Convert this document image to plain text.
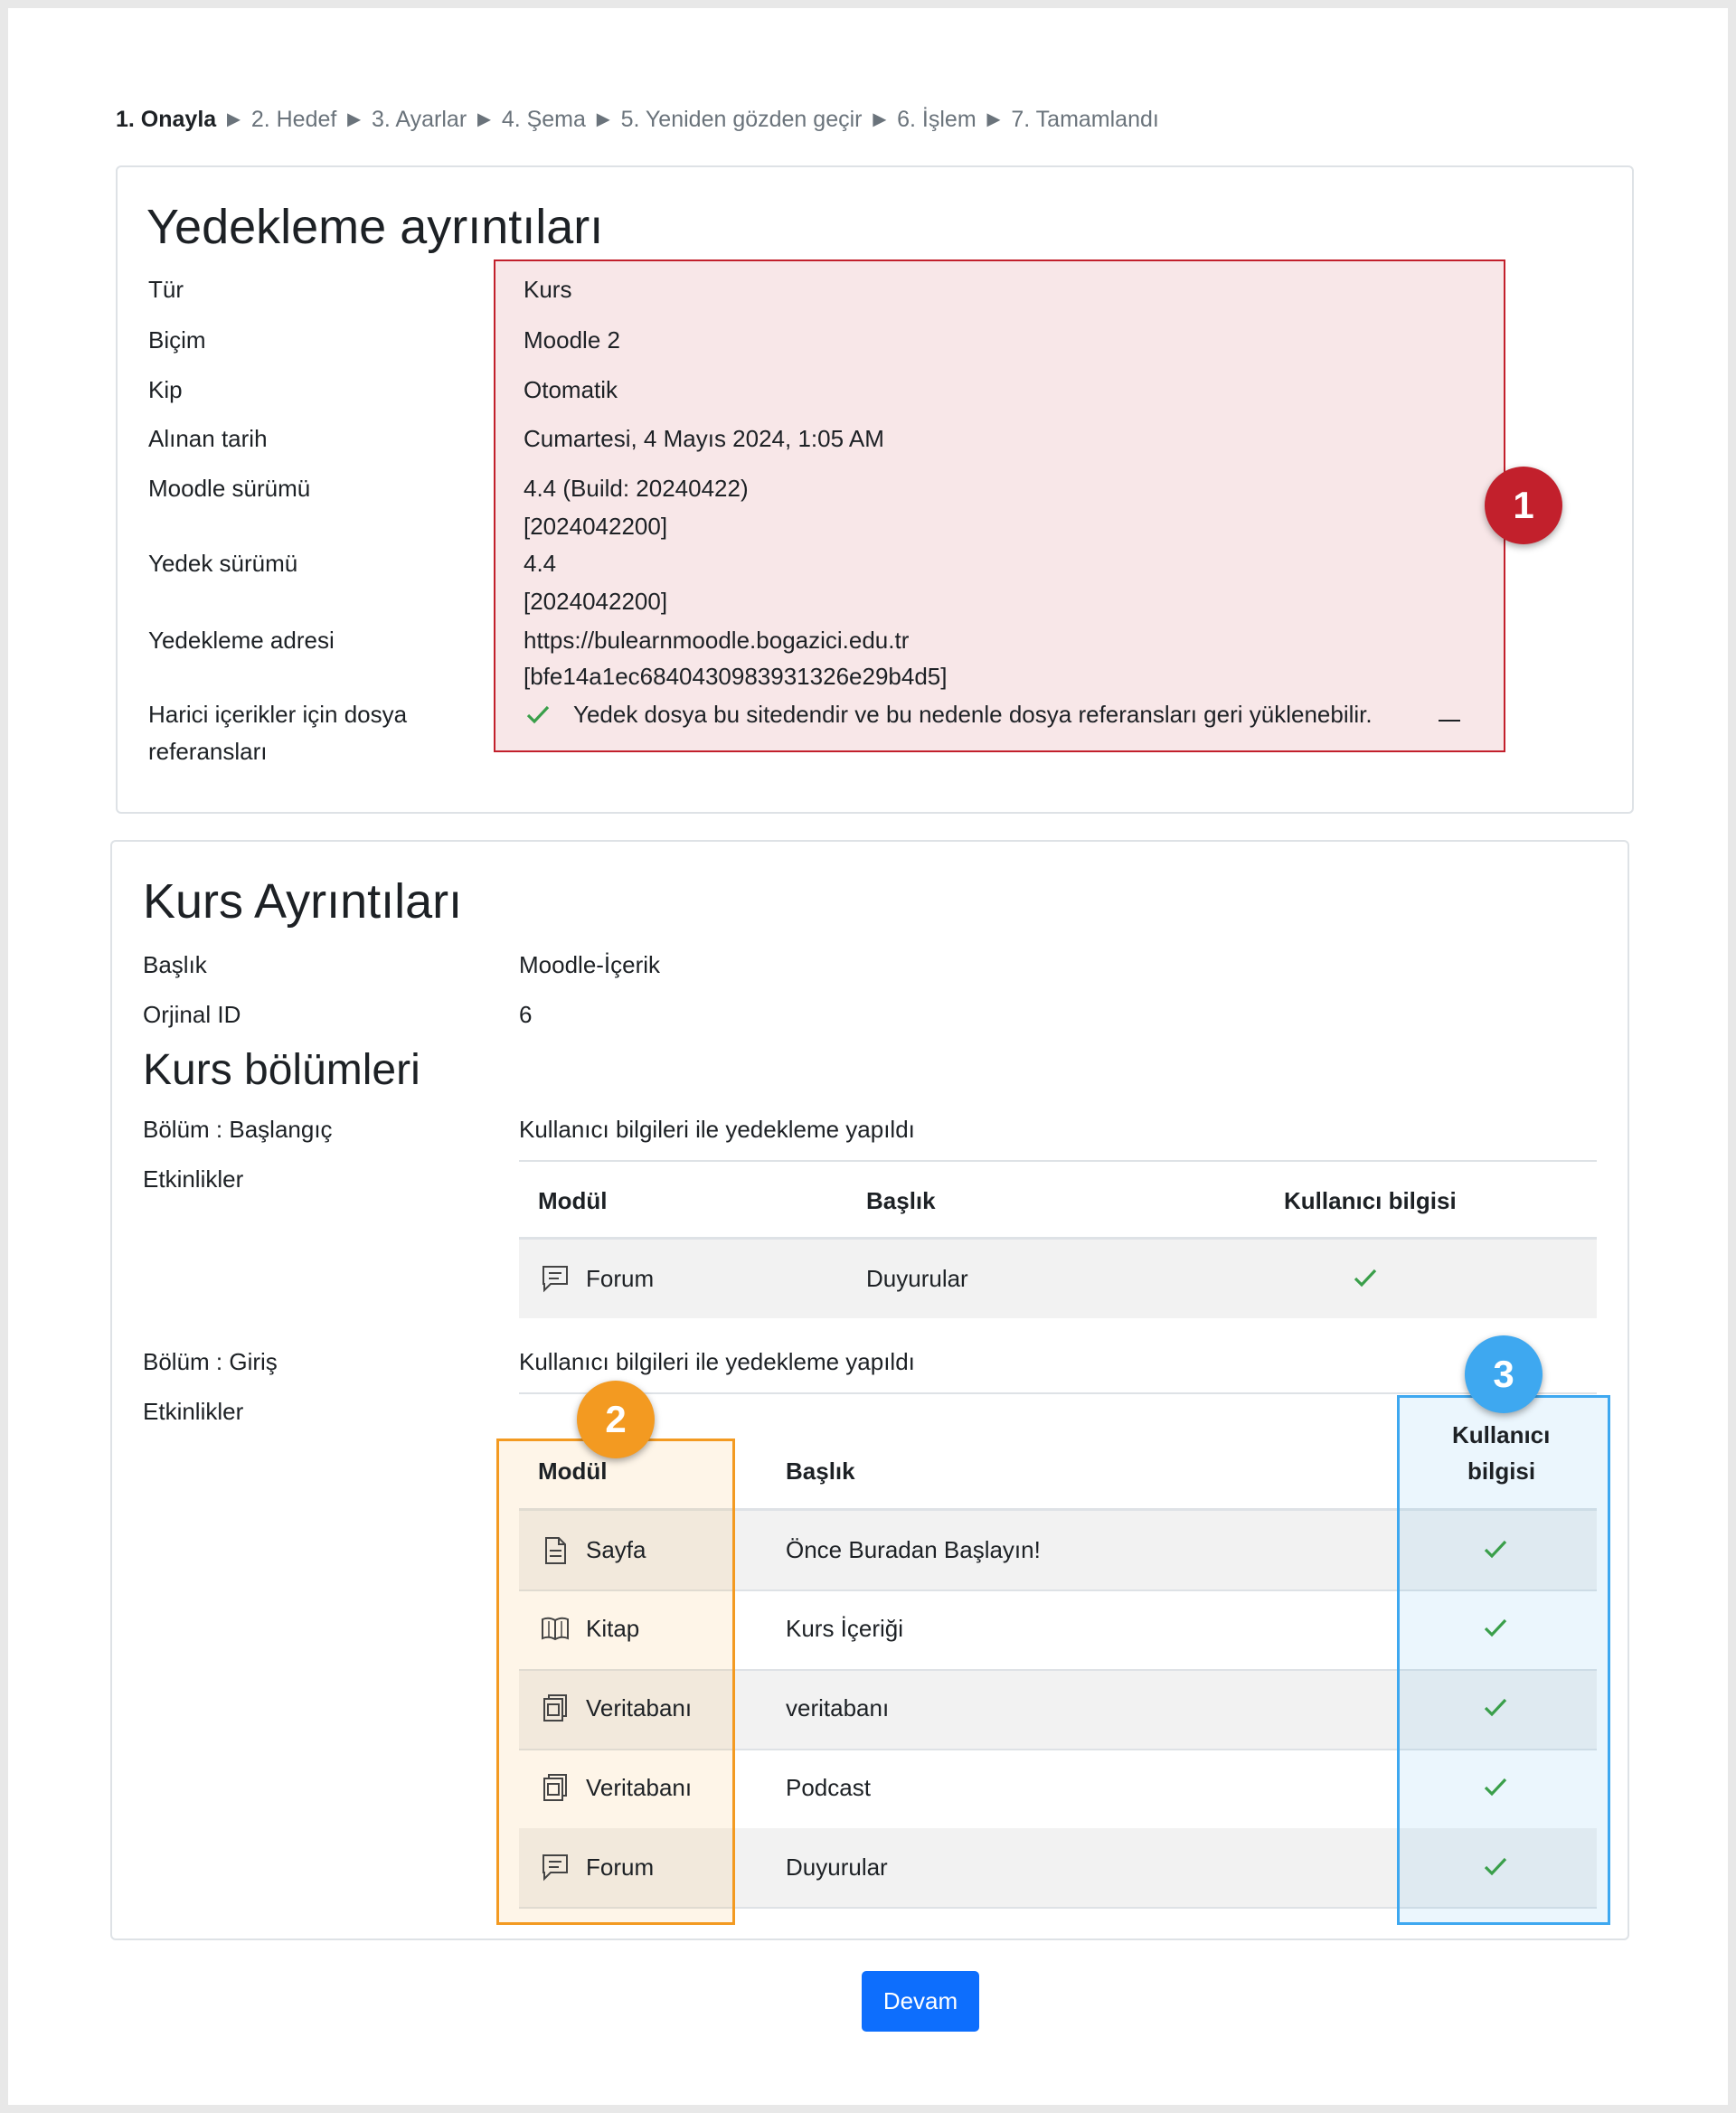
1. Onayla ► 2. Hedef ► 3. Ayarlar ► 4. Şema ► 5. Yeniden gözden geçir ► 6. İşlem ► 7. Tamamlandı
Yedekleme ayrıntıları
Tür	Kurs
Biçim	Moodle 2
Kip	Otomatik
Alınan tarih	Cumartesi, 4 Mayıs 2024, 1:05 AM
Moodle sürümü	4.4 (Build: 20240422)
[2024042200]
Yedek sürümü	4.4
[2024042200]
Yedekleme adresi	https://bulearnmoodle.bogazici.edu.tr
[bfe14a1ec6840430983931326e29b4d5]
Harici içerikler için dosya referansları
Yedek dosya bu sitedendir ve bu nedenle dosya referansları geri yüklenebilir.
1
Kurs Ayrıntıları
Başlık	Moodle-İçerik
Orjinal ID	6
Kurs bölümleri
Bölüm : Başlangıç
Etkinlikler
Kullanıcı bilgileri ile yedekleme yapıldı
Modül	Başlık	Kullanıcı bilgisi
Forum	Duyurular
Bölüm : Giriş
Etkinlikler
Kullanıcı bilgileri ile yedekleme yapıldı
Modül	Başlık
Kullanıcı
bilgisi
Sayfa	Önce Buradan Başlayın!
Kitap	Kurs İçeriği
Veritabanı	veritabanı
Veritabanı	Podcast
Forum	Duyurular
2
3
Devam
